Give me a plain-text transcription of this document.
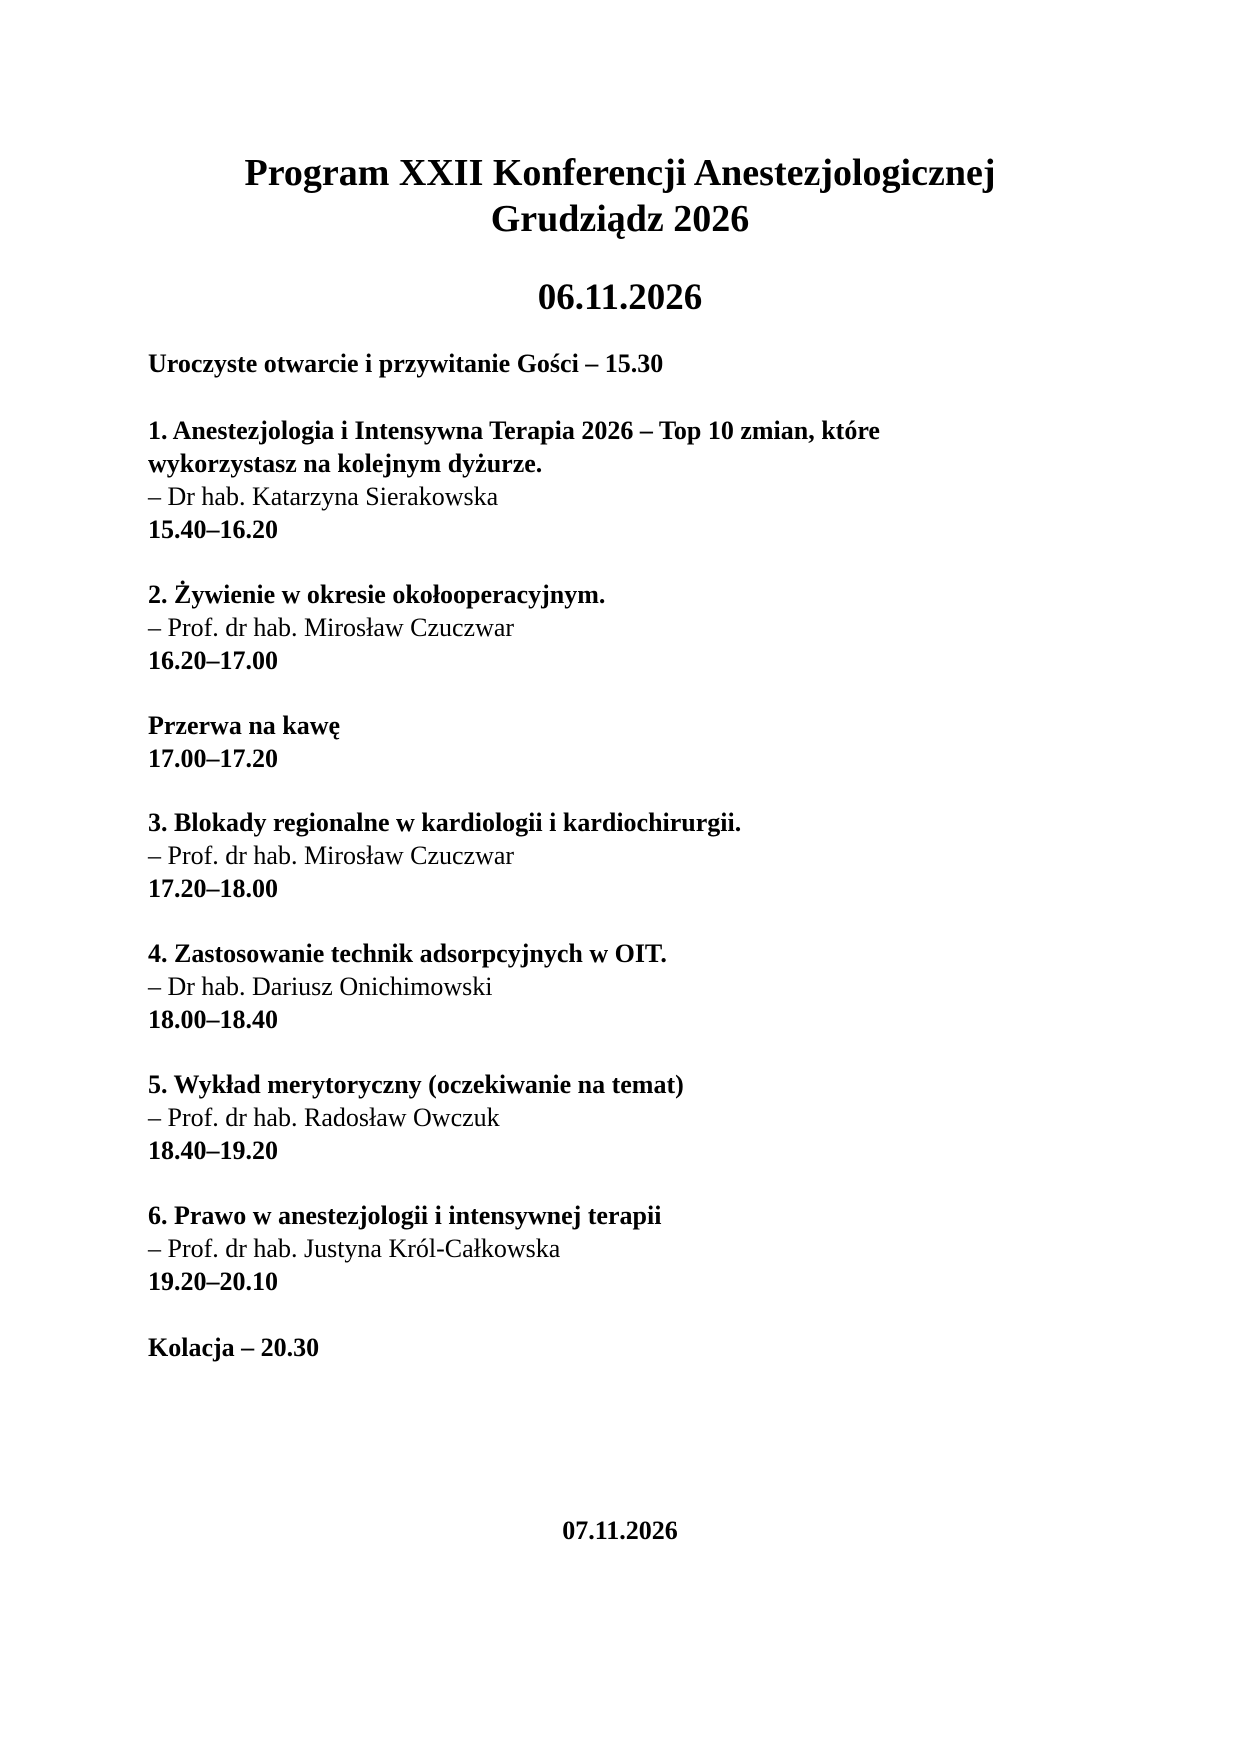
Program XXII Konferencji Anestezjologicznej
Grudziądz 2026
06.11.2026
Uroczyste otwarcie i przywitanie Gości – 15.30
1. Anestezjologia i Intensywna Terapia 2026 – Top 10 zmian, które
wykorzystasz na kolejnym dyżurze.
– Dr hab. Katarzyna Sierakowska
15.40–16.20
2. Żywienie w okresie okołooperacyjnym.
– Prof. dr hab. Mirosław Czuczwar
16.20–17.00
Przerwa na kawę
17.00–17.20
3. Blokady regionalne w kardiologii i kardiochirurgii.
– Prof. dr hab. Mirosław Czuczwar
17.20–18.00
4. Zastosowanie technik adsorpcyjnych w OIT.
– Dr hab. Dariusz Onichimowski
18.00–18.40
5. Wykład merytoryczny (oczekiwanie na temat)
– Prof. dr hab. Radosław Owczuk
18.40–19.20
6. Prawo w anestezjologii i intensywnej terapii
– Prof. dr hab. Justyna Król-Całkowska
19.20–20.10
Kolacja – 20.30
07.11.2026
